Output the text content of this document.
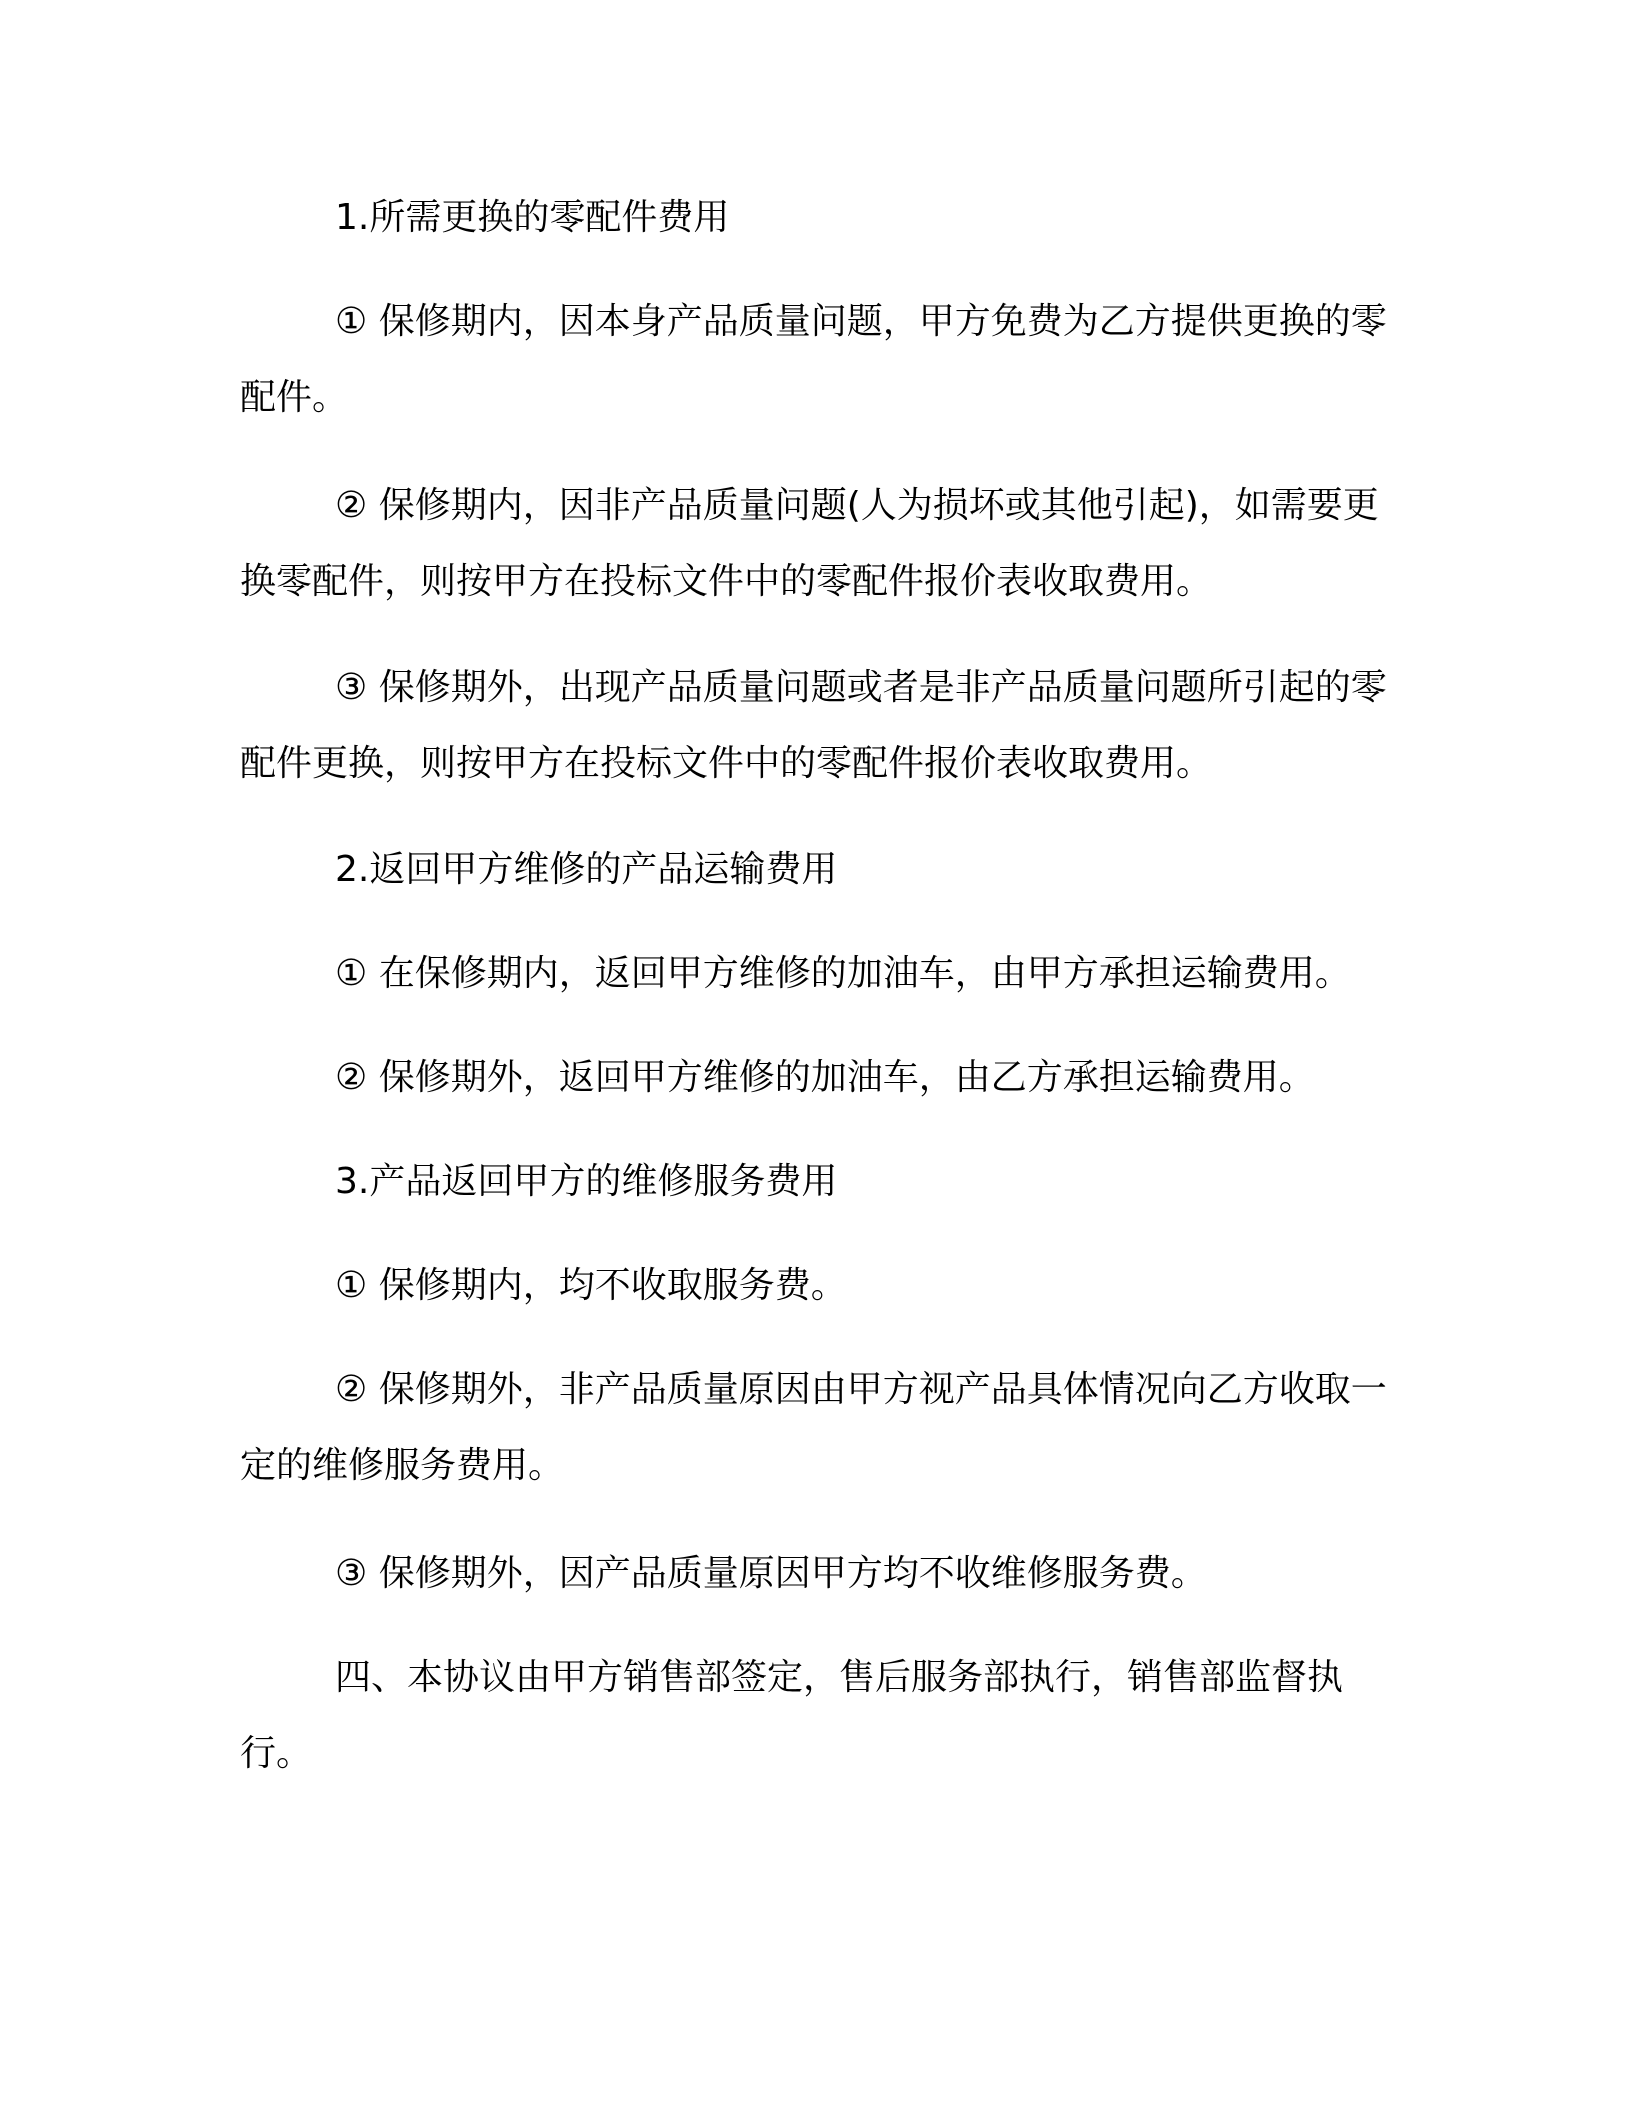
1.所需更换的零配件费用

① 保修期内，因本身产品质量问题，甲方免费为乙方提供更换的零配件。

② 保修期内，因非产品质量问题(人为损坏或其他引起)，如需要更换零配件，则按甲方在投标文件中的零配件报价表收取费用。

③ 保修期外，出现产品质量问题或者是非产品质量问题所引起的零配件更换，则按甲方在投标文件中的零配件报价表收取费用。

2.返回甲方维修的产品运输费用

① 在保修期内，返回甲方维修的加油车，由甲方承担运输费用。

② 保修期外，返回甲方维修的加油车，由乙方承担运输费用。

3.产品返回甲方的维修服务费用

① 保修期内，均不收取服务费。

② 保修期外，非产品质量原因由甲方视产品具体情况向乙方收取一定的维修服务费用。

③ 保修期外，因产品质量原因甲方均不收维修服务费。

四、本协议由甲方销售部签定，售后服务部执行，销售部监督执行。
